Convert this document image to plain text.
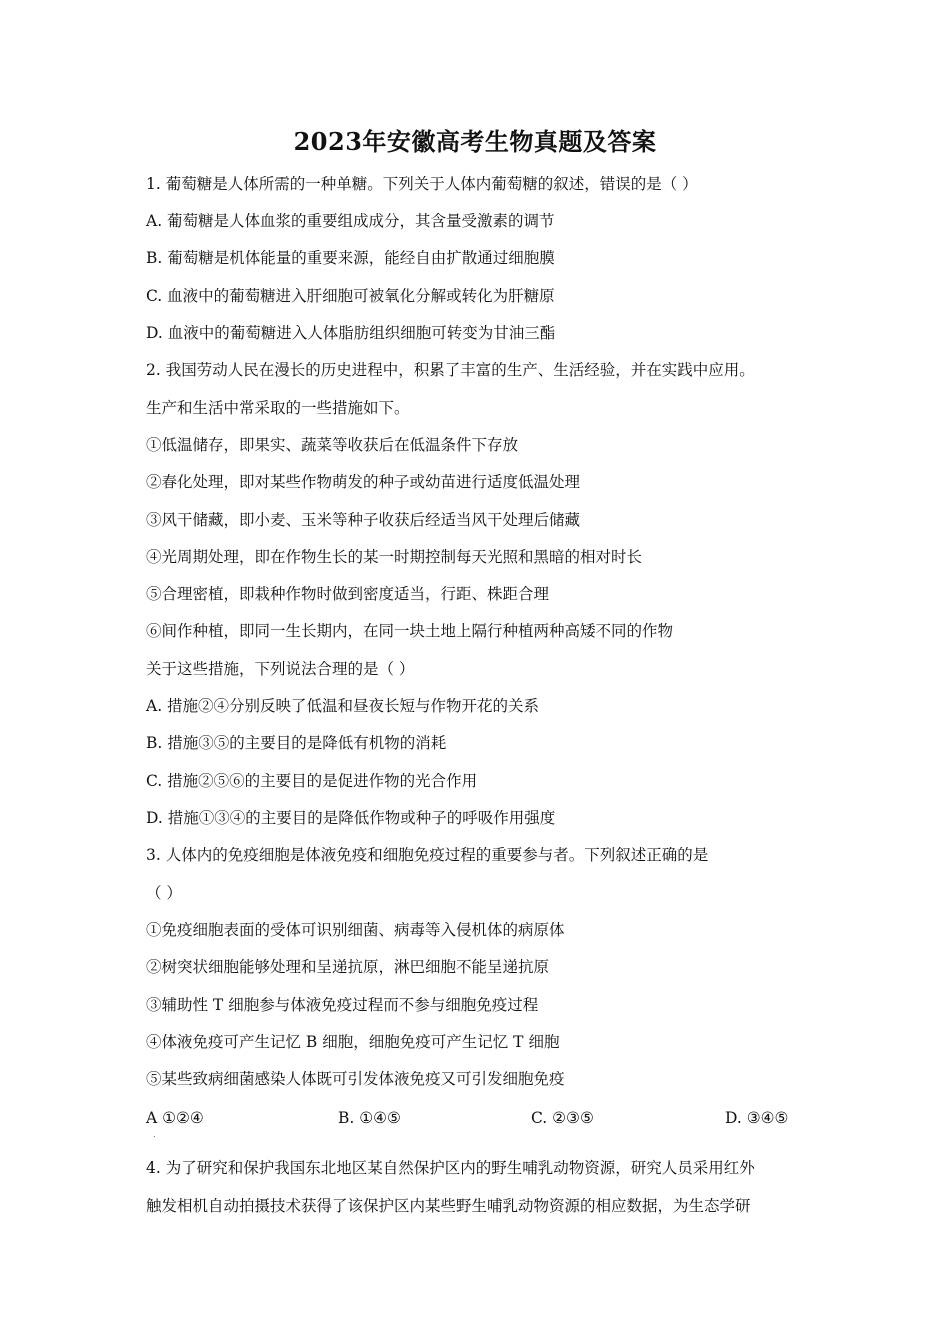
2023年安徽高考生物真题及答案
1. 葡萄糖是人体所需的一种单糖。下列关于人体内葡萄糖的叙述，错误的是（ ）
A. 葡萄糖是人体血浆的重要组成成分，其含量受激素的调节
B. 葡萄糖是机体能量的重要来源，能经自由扩散通过细胞膜
C. 血液中的葡萄糖进入肝细胞可被氧化分解或转化为肝糖原
D. 血液中的葡萄糖进入人体脂肪组织细胞可转变为甘油三酯
2. 我国劳动人民在漫长的历史进程中，积累了丰富的生产、生活经验，并在实践中应用。
生产和生活中常采取的一些措施如下。
①低温储存，即果实、蔬菜等收获后在低温条件下存放
②春化处理，即对某些作物萌发的种子或幼苗进行适度低温处理
③风干储藏，即小麦、玉米等种子收获后经适当风干处理后储藏
④光周期处理，即在作物生长的某一时期控制每天光照和黑暗的相对时长
⑤合理密植，即栽种作物时做到密度适当，行距、株距合理
⑥间作种植，即同一生长期内，在同一块土地上隔行种植两种高矮不同的作物
关于这些措施，下列说法合理的是（ ）
A. 措施②④分别反映了低温和昼夜长短与作物开花的关系
B. 措施③⑤的主要目的是降低有机物的消耗
C. 措施②⑤⑥的主要目的是促进作物的光合作用
D. 措施①③④的主要目的是降低作物或种子的呼吸作用强度
3. 人体内的免疫细胞是体液免疫和细胞免疫过程的重要参与者。下列叙述正确的是
（ ）
①免疫细胞表面的受体可识别细菌、病毒等入侵机体的病原体
②树突状细胞能够处理和呈递抗原，淋巴细胞不能呈递抗原
③辅助性 T 细胞参与体液免疫过程而不参与细胞免疫过程
④体液免疫可产生记忆 B 细胞，细胞免疫可产生记忆 T 细胞
⑤某些致病细菌感染人体既可引发体液免疫又可引发细胞免疫
A ①②④	B. ①④⑤	C. ②③⑤	D. ③④⑤
.
4. 为了研究和保护我国东北地区某自然保护区内的野生哺乳动物资源，研究人员采用红外
触发相机自动拍摄技术获得了该保护区内某些野生哺乳动物资源的相应数据，为生态学研
